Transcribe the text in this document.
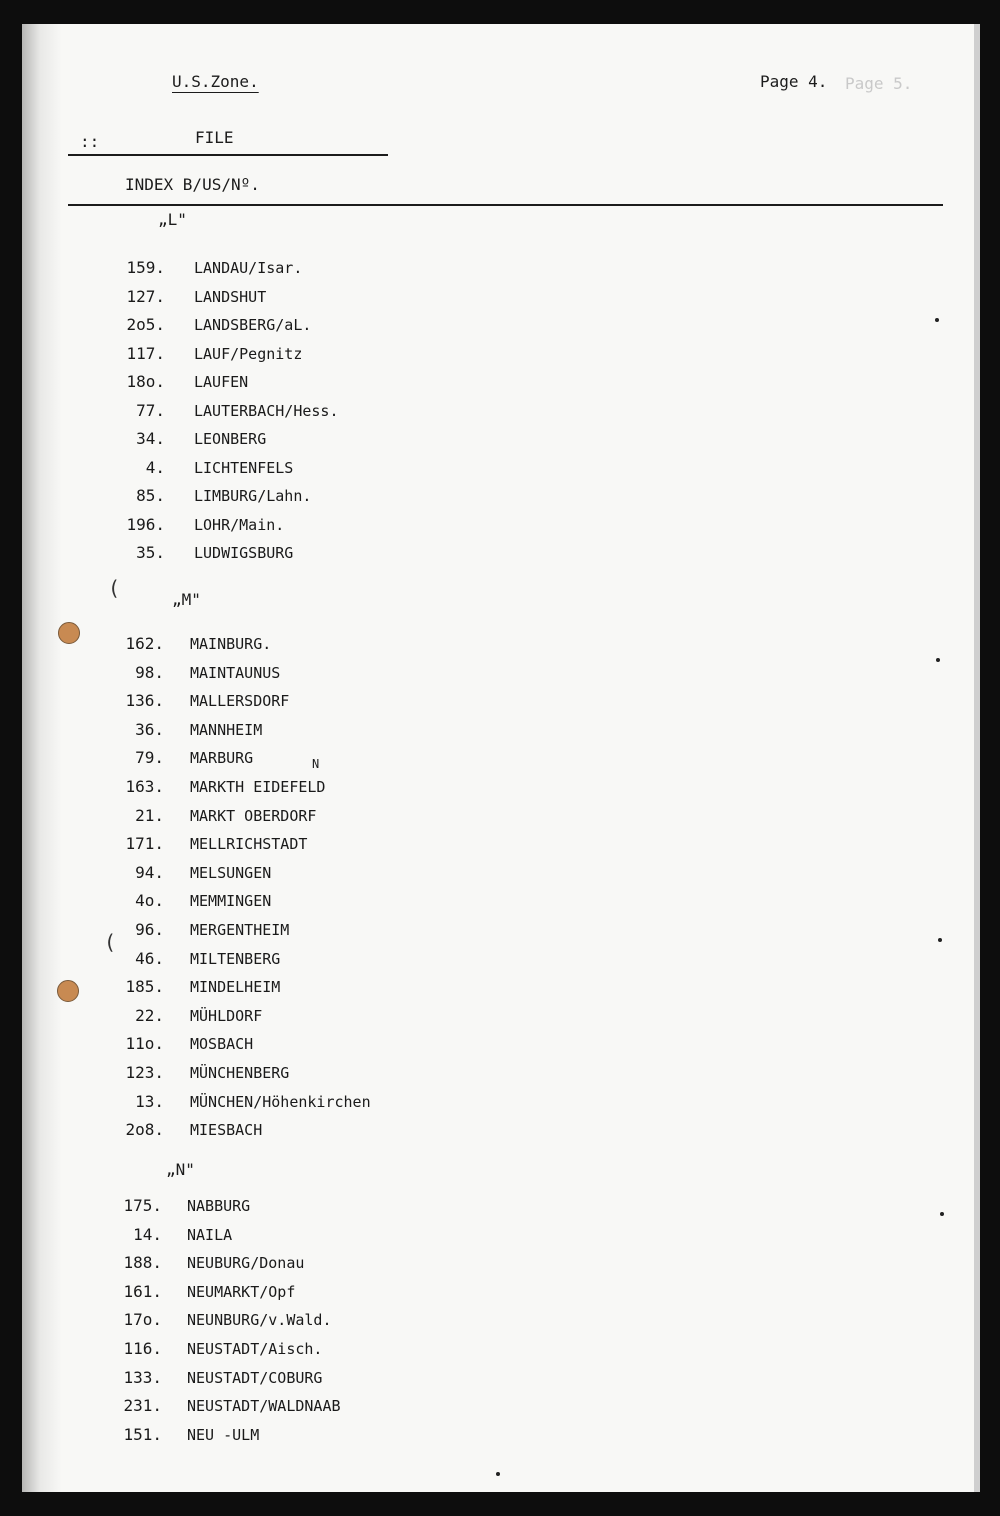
U.S.Zone.	Page 4. Page 5.
::	FILE
INDEX B/US/Nº.
„L"
159. LANDAU/Isar.
127. LANDSHUT
2o5. LANDSBERG/aL.
117. LAUF/Pegnitz
18o. LAUFEN
77. LAUTERBACH/Hess.
34. LEONBERG
4. LICHTENFELS
85. LIMBURG/Lahn.
196. LOHR/Main.
35. LUDWIGSBURG
(	„M"
162. MAINBURG.
98. MAINTAUNUS
136. MALLERSDORF
36. MANNHEIM
79. MARBURG
163. MARKTH EIDEFELD
21. MARKT OBERDORF
171. MELLRICHSTADT
94. MELSUNGEN
4o. MEMMINGEN
96. MERGENTHEIM
46. MILTENBERG
185. MINDELHEIM
22. MÜHLDORF
11o. MOSBACH
123. MÜNCHENBERG
13. MÜNCHEN/Höhenkirchen
2o8. MIESBACH
N
„N"
175. NABBURG
14. NAILA
188. NEUBURG/Donau
161. NEUMARKT/Opf
17o. NEUNBURG/v.Wald.
116. NEUSTADT/Aisch.
133. NEUSTADT/COBURG
231. NEUSTADT/WALDNAAB
151. NEU -ULM
(
